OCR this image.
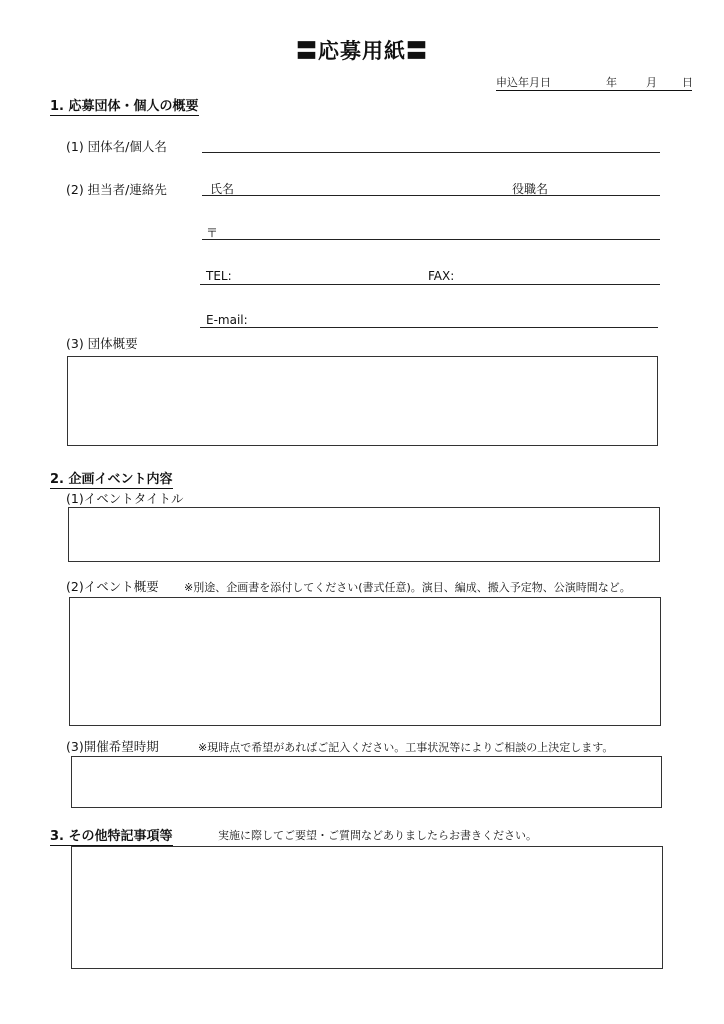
〓応募用紙〓
申込年月日	年	月 日
1. 応募団体・個人の概要
(1) 団体名/個人名
(2) 担当者/連絡先	氏名	役職名
〒
TEL:	FAX:
E-mail:
(3) 団体概要
2. 企画イベント内容
(1)イベントタイトル
(2)イベント概要 ※別途、企画書を添付してください(書式任意)。演目、編成、搬入予定物、公演時間など。
(3)開催希望時期	※現時点で希望があればご記入ください。工事状況等によりご相談の上決定します。
3. その他特記事項等	実施に際してご要望・ご質問などありましたらお書きください。
